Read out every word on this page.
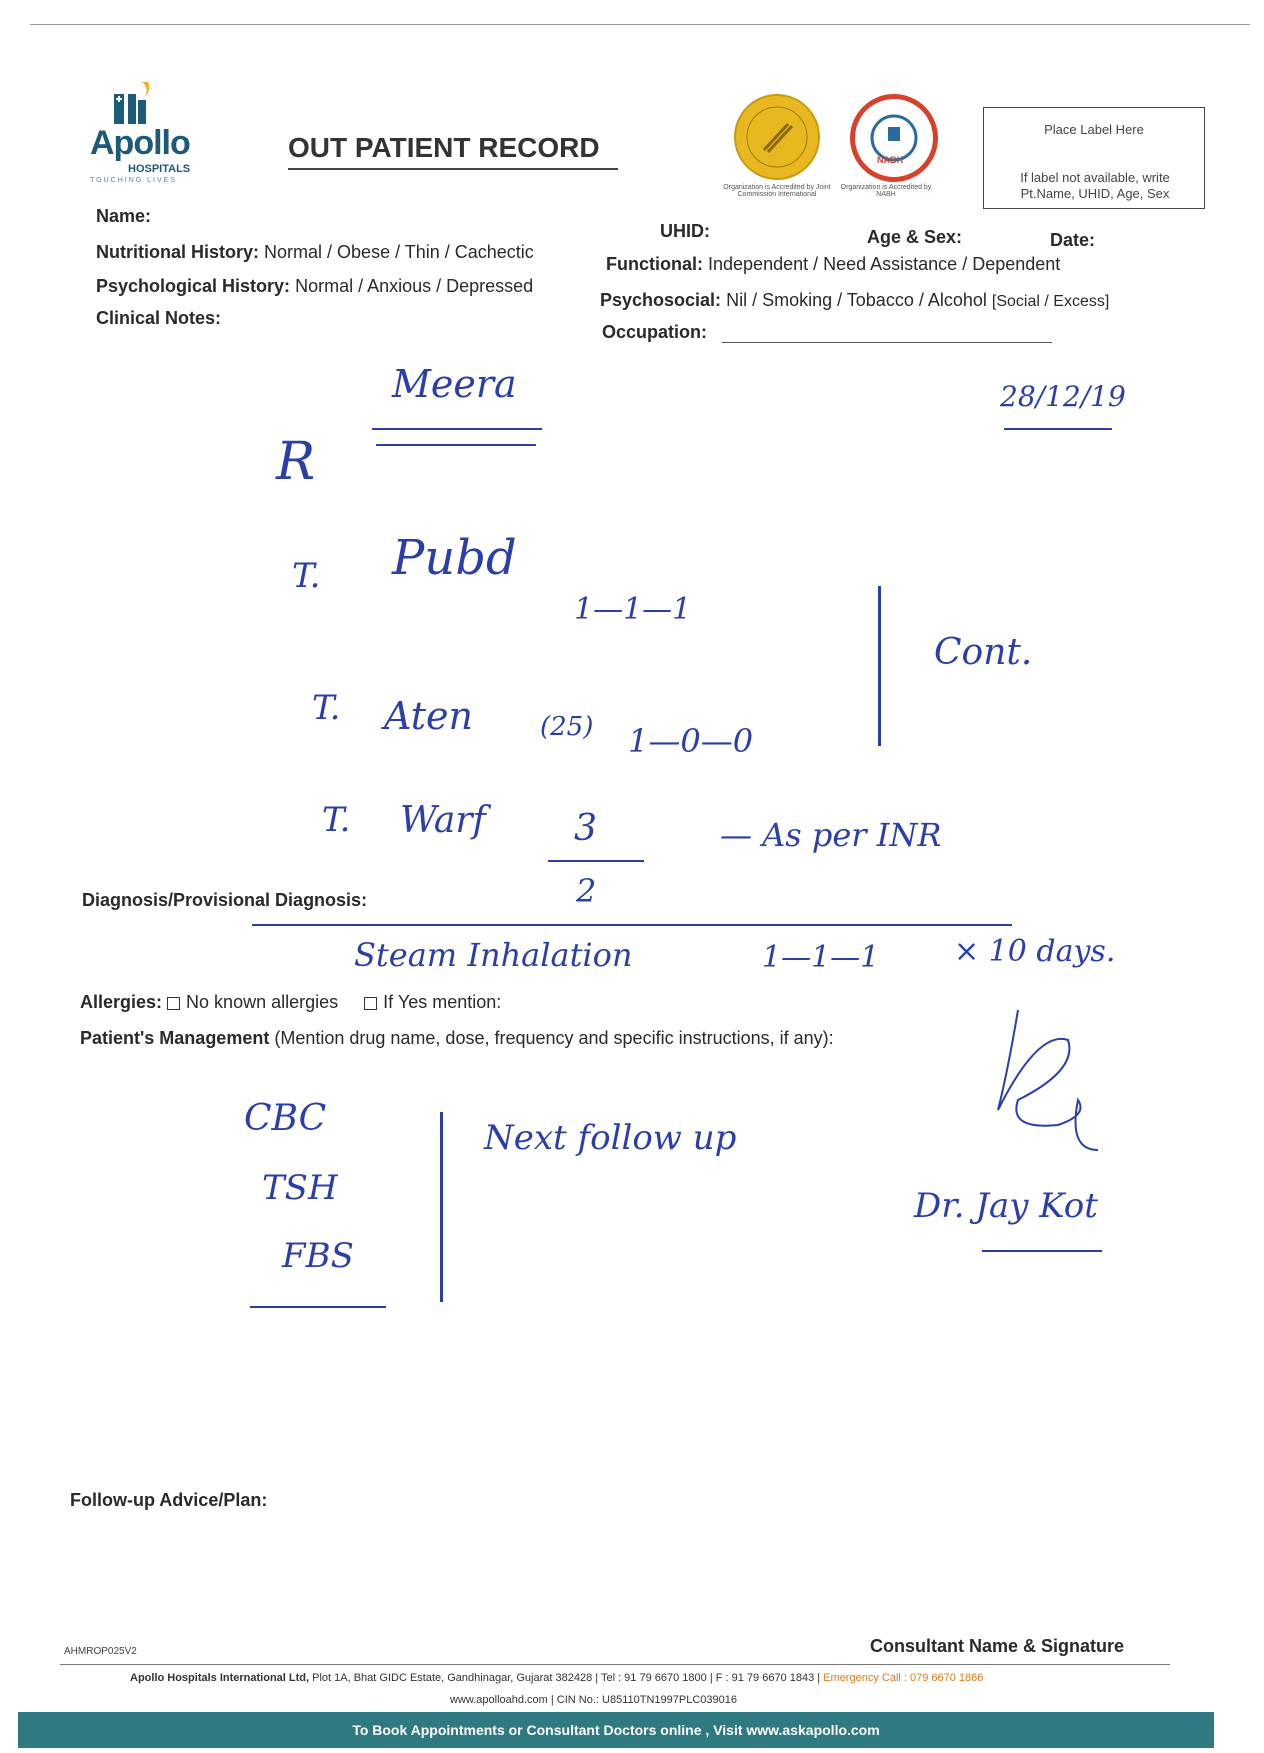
Apollo
HOSPITALS
TOUCHING LIVES
OUT PATIENT RECORD
Organization is Accredited by Joint Commission International
NABH
Organization is Accredited by NABH
Place Label Here
If label not available, write Pt.Name, UHID, Age, Sex
Name:
UHID:	Age & Sex:	Date:
Nutritional History: Normal / Obese / Thin / Cachectic
Functional: Independent / Need Assistance / Dependent
Psychological History: Normal / Anxious / Depressed
Psychosocial: Nil / Smoking / Tobacco / Alcohol [Social / Excess]
Clinical Notes:
Occupation:
Meera	28/12/19
R
T. Pubd
1—1—1
T. Aten	(25) 1—0—0
Cont.
T. Warf 3
2
— As per INR
Diagnosis/Provisional Diagnosis:
Steam Inhalation	1—1—1 × 10 days.
Allergies: No known allergies	If Yes mention:
Patient's Management (Mention drug name, dose, frequency and specific instructions, if any):
CBC
TSH
FBS
Next follow up
Dr. Jay Kot
Follow-up Advice/Plan:
AHMROP025V2	Consultant Name & Signature
Apollo Hospitals International Ltd, Plot 1A, Bhat GIDC Estate, Gandhinagar, Gujarat 382428 | Tel : 91 79 6670 1800 | F : 91 79 6670 1843 | Emergency Call : 079 6670 1866
www.apolloahd.com | CIN No.: U85110TN1997PLC039016
To Book Appointments or Consultant Doctors online , Visit www.askapollo.com
